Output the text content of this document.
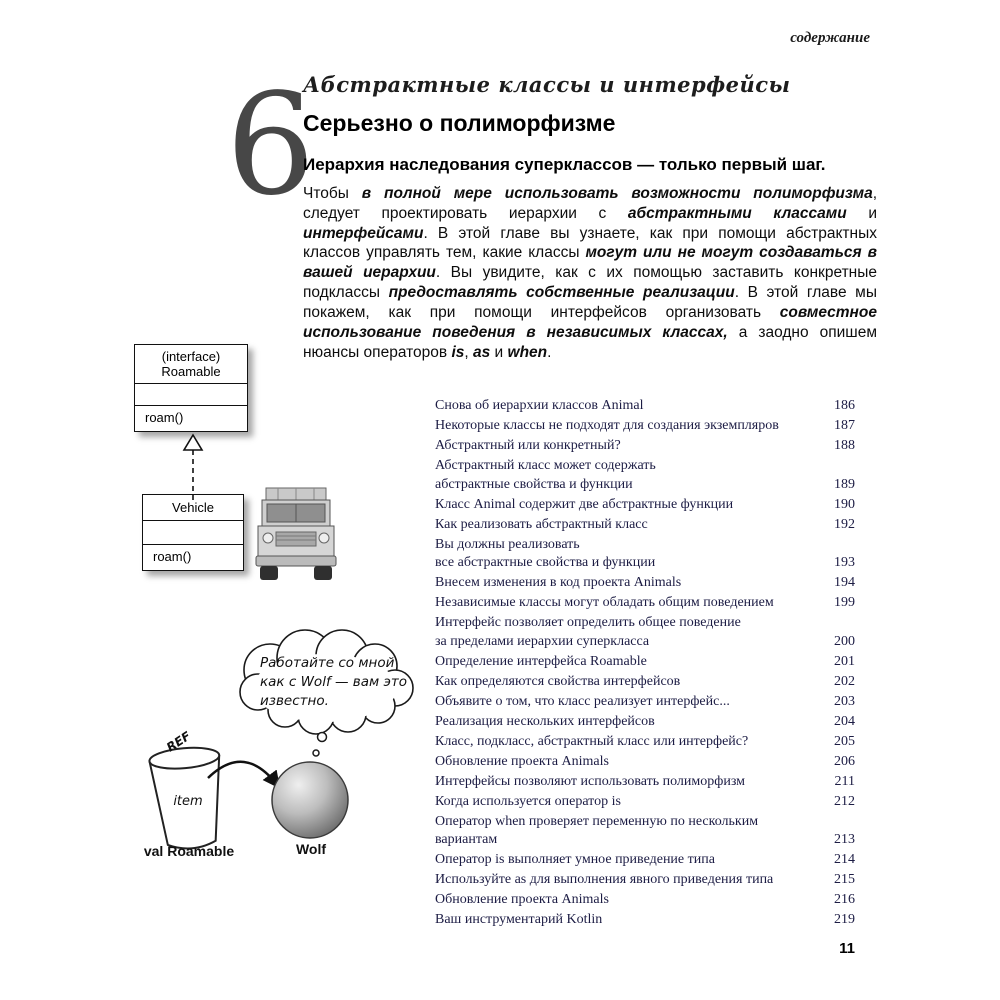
содержание
6
Абстрактные классы и интерфейсы
Серьезно о полиморфизме
Иерархия наследования суперклассов — только первый шаг.
Чтобы в полной мере использовать возможности полиморфизма, следует проектировать иерархии с абстрактными классами и интерфейсами. В этой главе вы узнаете, как при помощи абстрактных классов управлять тем, какие классы могут или не могут создаваться в вашей иерархии. Вы увидите, как с их помощью заставить конкретные подклассы предоставлять собственные реализации. В этой главе мы покажем, как при помощи интерфейсов организовать совместное использование поведения в независимых классах, а заодно опишем нюансы операторов is, as и when.
(interface)
Roamable
roam()
Vehicle
roam()
REF
Работайте со мной как с Wolf — вам это известно.
item
val Roamable	Wolf
Снова об иерархии классов Animal	186
Некоторые классы не подходят для создания экземпляров	187
Абстрактный или конкретный?	188
Абстрактный класс может содержать
абстрактные свойства и функции	189
Класс Animal содержит две абстрактные функции	190
Как реализовать абстрактный класс	192
Вы должны реализовать
все абстрактные свойства и функции	193
Внесем изменения в код проекта Animals	194
Независимые классы могут обладать общим поведением	199
Интерфейс позволяет определить общее поведение
за пределами иерархии суперкласса	200
Определение интерфейса Roamable	201
Как определяются свойства интерфейсов	202
Объявите о том, что класс реализует интерфейс...	203
Реализация нескольких интерфейсов	204
Класс, подкласс, абстрактный класс или интерфейс?	205
Обновление проекта Animals	206
Интерфейсы позволяют использовать полиморфизм	211
Когда используется оператор is	212
Оператор when проверяет переменную по нескольким
вариантам	213
Оператор is выполняет умное приведение типа	214
Используйте as для выполнения явного приведения типа	215
Обновление проекта Animals	216
Ваш инструментарий Kotlin	219
11
